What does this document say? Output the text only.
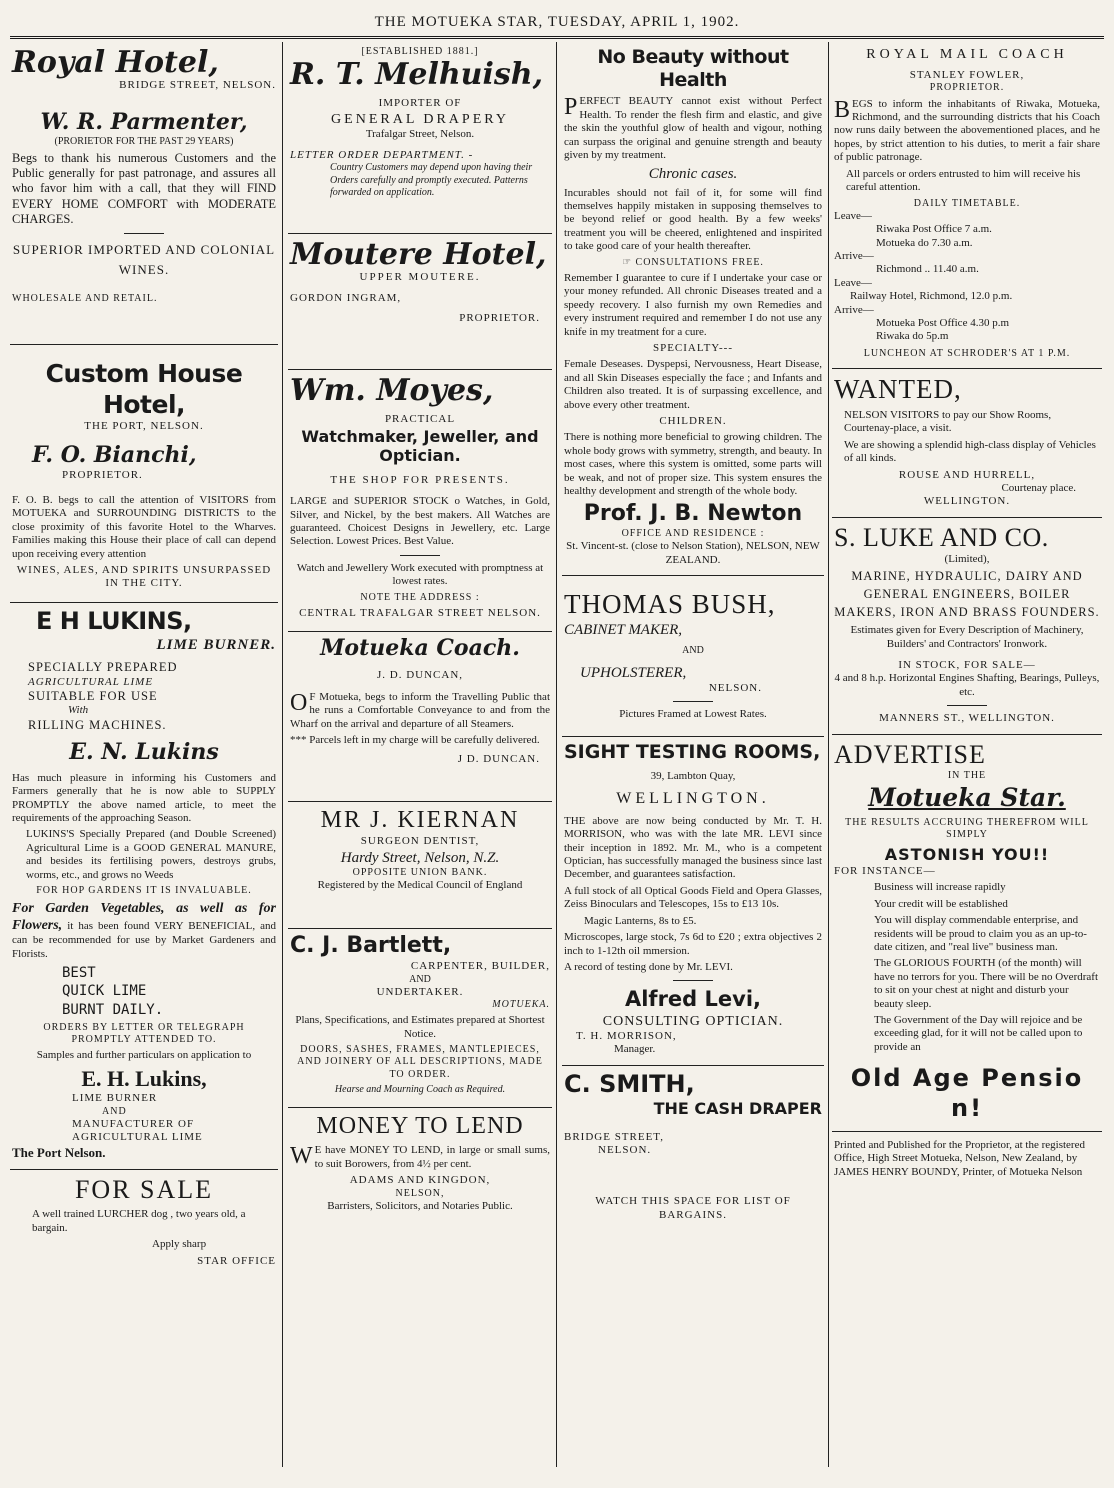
THE MOTUEKA STAR, TUESDAY, APRIL 1, 1902.
Royal Hotel,
BRIDGE STREET, NELSON.
W. R. Parmenter,
(PRORIETOR FOR THE PAST 29 YEARS)

Begs to thank his numerous Customers and the Public generally for past patronage, and assures all who favor him with a call, that they will FIND EVERY HOME COMFORT with MODERATE CHARGES.

SUPERIOR IMPORTED AND COLONIAL WINES.

WHOLESALE AND RETAIL.

Custom House Hotel,
THE PORT, NELSON.
F. O. Bianchi,
PROPRIETOR.

F. O. B. begs to call the attention of VISITORS from MOTUEKA and SURROUNDING DISTRICTS to the close proximity of this favorite Hotel to the Wharves. Families making this House their place of call can depend upon receiving every attention

WINES, ALES, AND SPIRITS UNSURPASSED IN THE CITY.

E H LUKINS,
LIME BURNER.
SPECIALLY PREPARED
AGRICULTURAL LIME
SUITABLE FOR USE
With
RILLING MACHINES.
E. N. Lukins

Has much pleasure in informing his Customers and Farmers generally that he is now able to SUPPLY PROMPTLY the above named article, to meet the requirements of the approaching Season.

LUKINS'S Specially Prepared (and Double Screened) Agricultural Lime is a GOOD GENERAL MANURE, and besides its fertilising powers, destroys grubs, worms, etc., and grows no Weeds

FOR HOP GARDENS IT IS INVALUABLE.

For Garden Vegetables, as well as for Flowers, it has been found VERY BENEFICIAL, and can be recommended for use by Market Gardeners and Florists.

BEST
QUICK LIME
BURNT DAILY.

ORDERS BY LETTER OR TELEGRAPH PROMPTLY ATTENDED TO.

Samples and further particulars on application to

E. H. Lukins,
LIME BURNER
AND
MANUFACTURER OF
AGRICULTURAL LIME
The Port Nelson.
FOR SALE

A well trained LURCHER dog , two years old, a bargain.

Apply sharp

STAR OFFICE

[ESTABLISHED 1881.]
R. T. Melhuish,
IMPORTER OF
GENERAL DRAPERY
Trafalgar Street, Nelson.
LETTER ORDER DEPARTMENT. -
Country Customers may depend upon having their Orders carefully and promptly executed. Patterns forwarded on application.
Moutere Hotel,
UPPER MOUTERE.
GORDON INGRAM,
PROPRIETOR.
Wm. Moyes,
PRACTICAL
Watchmaker, Jeweller, and Optician.
THE SHOP FOR PRESENTS.

LARGE and SUPERIOR STOCK o Watches, in Gold, Silver, and Nickel, by the best makers. All Watches are guaranteed. Choicest Designs in Jewellery, etc. Large Selection. Lowest Prices. Best Value.

Watch and Jewellery Work executed with promptness at lowest rates.

NOTE THE ADDRESS :

CENTRAL TRAFALGAR STREET NELSON.

Motueka Coach.
J. D. DUNCAN,

OF Motueka, begs to inform the Travelling Public that he runs a Comfortable Conveyance to and from the Wharf on the arrival and departure of all Steamers.

*** Parcels left in my charge will be carefully delivered.

J D. DUNCAN.

MR J. KIERNAN
SURGEON DENTIST,
Hardy Street, Nelson, N.Z.
OPPOSITE UNION BANK.
Registered by the Medical Council of England
C. J. Bartlett,
CARPENTER, BUILDER,
AND
UNDERTAKER.
MOTUEKA.

Plans, Specifications, and Estimates prepared at Shortest Notice.

DOORS, SASHES, FRAMES, MANTLEPIECES, AND JOINERY OF ALL DESCRIPTIONS, MADE TO ORDER.

Hearse and Mourning Coach as Required.

MONEY TO LEND

WE have MONEY TO LEND, in large or small sums, to suit Borowers, from 4½ per cent.

ADAMS AND KINGDON,
NELSON,
Barristers, Solicitors, and Notaries Public.
No Beauty without Health

PERFECT BEAUTY cannot exist without Perfect Health. To render the flesh firm and elastic, and give the skin the youthful glow of health and vigour, nothing can surpass the original and genuine strength and beauty given by my treatment.

Chronic cases.

Incurables should not fail of it, for some will find themselves happily mistaken in supposing themselves to be beyond relief or good health. By a few weeks' treatment you will be cheered, enlightened and inspirited to take good care of your health thereafter.

☞ CONSULTATIONS FREE.

Remember I guarantee to cure if I undertake your case or your money refunded. All chronic Diseases treated and a speedy recovery. I also furnish my own Remedies and every instrument required and remember I do not use any knife in my treatment for a cure.

SPECIALTY---

Female Deseases. Dyspepsi, Nervousness, Heart Disease, and all Skin Diseases especially the face ; and Infants and Children also treated. It is of surpassing excellence, and above every other treatment.

CHILDREN.

There is nothing more beneficial to growing children. The whole body grows with symmetry, strength, and beauty. In most cases, where this system is omitted, some parts will be weak, and not of proper size. This system ensures the healthy development and strength of the whole body.

Prof. J. B. Newton
OFFICE AND RESIDENCE :
St. Vincent-st. (close to Nelson Station), NELSON, NEW ZEALAND.
THOMAS BUSH,
CABINET MAKER,
AND
UPHOLSTERER,
NELSON.
Pictures Framed at Lowest Rates.
SIGHT TESTING ROOMS,
39, Lambton Quay,
WELLINGTON.

THE above are now being conducted by Mr. T. H. MORRISON, who was with the late MR. LEVI since their inception in 1892. Mr. M., who is a competent Optician, has successfully managed the business since last December, and guarantees satisfaction.

A full stock of all Optical Goods Field and Opera Glasses, Zeiss Binoculars and Telescopes, 15s to £13 10s.

Magic Lanterns, 8s to £5.

Microscopes, large stock, 7s 6d to £20 ; extra objectives 2 inch to 1-12th oil mmersion.

A record of testing done by Mr. LEVI.

Alfred Levi,
CONSULTING OPTICIAN.
T. H. MORRISON,
Manager.
C. SMITH,
THE CASH DRAPER
BRIDGE STREET,
NELSON.
WATCH THIS SPACE FOR LIST OF BARGAINS.
ROYAL MAIL COACH
STANLEY FOWLER,
PROPRIETOR.

BEGS to inform the inhabitants of Riwaka, Motueka, Richmond, and the surrounding districts that his Coach now runs daily between the abovementioned places, and he hopes, by strict attention to his duties, to merit a fair share of public patronage.

All parcels or orders entrusted to him will receive his careful attention.

DAILY TIMETABLE.
Leave—
Riwaka Post Office 7 a.m.
Motueka do 7.30 a.m.
Arrive—
Richmond .. 11.40 a.m.
Leave—
Railway Hotel, Richmond, 12.0 p.m.
Arrive—
Motueka Post Office 4.30 p.m
Riwaka do 5p.m
LUNCHEON AT SCHRODER'S AT 1 P.M.
WANTED,

NELSON VISITORS to pay our Show Rooms, Courtenay-place, a visit.

We are showing a splendid high-class display of Vehicles of all kinds.

ROUSE AND HURRELL,
Courtenay place.
WELLINGTON.
S. LUKE AND CO.
(Limited),
MARINE, HYDRAULIC, DAIRY AND GENERAL ENGINEERS, BOILER MAKERS, IRON AND BRASS FOUNDERS.

Estimates given for Every Description of Machinery, Builders' and Contractors' Ironwork.

IN STOCK, FOR SALE—
4 and 8 h.p. Horizontal Engines Shafting, Bearings, Pulleys, etc.
MANNERS ST., WELLINGTON.
ADVERTISE
IN THE
Motueka Star.
THE RESULTS ACCRUING THEREFROM WILL SIMPLY
ASTONISH YOU!!
FOR INSTANCE—

Business will increase rapidly

Your credit will be established

You will display commendable enterprise, and residents will be proud to claim you as an up-to-date citizen, and "real live" business man.

The GLORIOUS FOURTH (of the month) will have no terrors for you. There will be no Overdraft to sit on your chest at night and disturb your beauty sleep.

The Government of the Day will rejoice and be exceeding glad, for it will not be called upon to provide an

Old Age Pensio n!

Printed and Published for the Proprietor, at the registered Office, High Street Motueka, Nelson, New Zealand, by JAMES HENRY BOUNDY, Printer, of Motueka Nelson
